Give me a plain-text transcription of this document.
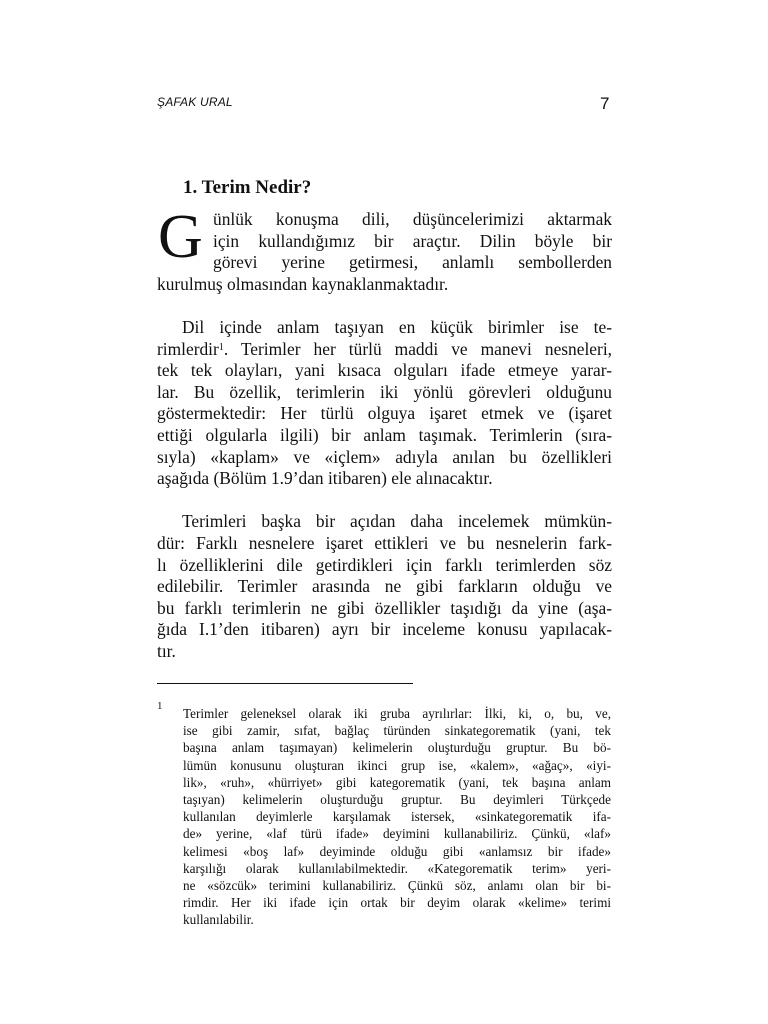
ŞAFAK URAL	7
1. Terim Nedir?
G ünlük konuşma dili, düşüncelerimizi aktarmak
için kullandığımız bir araçtır. Dilin böyle bir
görevi yerine getirmesi, anlamlı sembollerden
kurulmuş olmasından kaynaklanmaktadır.
Dil içinde anlam taşıyan en küçük birimler ise te-
rimlerdir$^1$. Terimler her türlü maddi ve manevi nesneleri,
tek tek olayları, yani kısaca olguları ifade etmeye yarar-
lar. Bu özellik, terimlerin iki yönlü görevleri olduğunu
göstermektedir: Her türlü olguya işaret etmek ve (işaret
ettiği olgularla ilgili) bir anlam taşımak. Terimlerin (sıra-
sıyla) «kaplam» ve «içlem» adıyla anılan bu özellikleri
aşağıda (Bölüm 1.9’dan itibaren) ele alınacaktır.
Terimleri başka bir açıdan daha incelemek mümkün-
dür: Farklı nesnelere işaret ettikleri ve bu nesnelerin fark-
lı özelliklerini dile getirdikleri için farklı terimlerden söz
edilebilir. Terimler arasında ne gibi farkların olduğu ve
bu farklı terimlerin ne gibi özellikler taşıdığı da yine (aşa-
ğıda I.1’den itibaren) ayrı bir inceleme konusu yapılacak-
tır.
1 Terimler geleneksel olarak iki gruba ayrılırlar: İlki, ki, o, bu, ve,
ise gibi zamir, sıfat, bağlaç türünden sinkategorematik (yani, tek
başına anlam taşımayan) kelimelerin oluşturduğu gruptur. Bu bö-
lümün konusunu oluşturan ikinci grup ise, «kalem», «ağaç», «iyi-
lik», «ruh», «hürriyet» gibi kategorematik (yani, tek başına anlam
taşıyan) kelimelerin oluşturduğu gruptur. Bu deyimleri Türkçede
kullanılan deyimlerle karşılamak istersek, «sinkategorematik ifa-
de» yerine, «laf türü ifade» deyimini kullanabiliriz. Çünkü, «laf»
kelimesi «boş laf» deyiminde olduğu gibi «anlamsız bir ifade»
karşılığı olarak kullanılabilmektedir. «Kategorematik terim» yeri-
ne «sözcük» terimini kullanabiliriz. Çünkü söz, anlamı olan bir bi-
rimdir. Her iki ifade için ortak bir deyim olarak «kelime» terimi
kullanılabilir.
